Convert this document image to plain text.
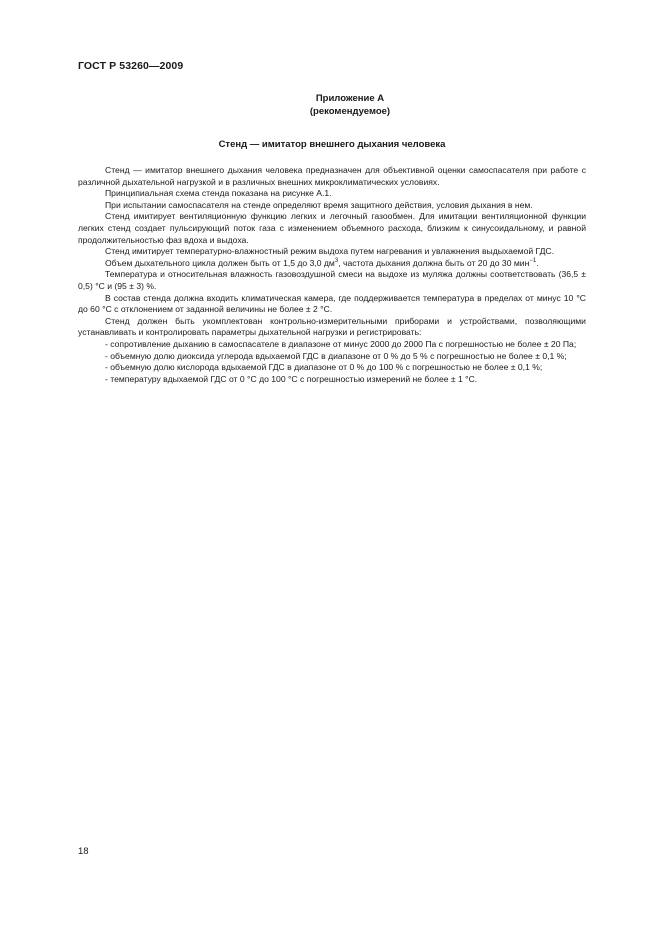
ГОСТ Р 53260—2009
Приложение А
(рекомендуемое)
Стенд — имитатор внешнего дыхания человека

Стенд — имитатор внешнего дыхания человека предназначен для объективной оценки самоспасателя при работе с различной дыхательной нагрузкой и в различных внешних микроклиматических условиях.

Принципиальная схема стенда показана на рисунке А.1.

При испытании самоспасателя на стенде определяют время защитного действия, условия дыхания в нем.

Стенд имитирует вентиляционную функцию легких и легочный газообмен. Для имитации вентиляционной функции легких стенд создает пульсирующий поток газа с изменением объемного расхода, близким к синусоидальному, и равной продолжительностью фаз вдоха и выдоха.

Стенд имитирует температурно-влажностный режим выдоха путем нагревания и увлажнения выдыхаемой ГДС.

Объем дыхательного цикла должен быть от 1,5 до 3,0 $дм^3$, частота дыхания должна быть от 20 до 30 мин$^{-1}$.

Температура и относительная влажность газовоздушной смеси на выдохе из муляжа должны соответствовать (36,5 ± 0,5) °С и (95 ± 3) %.

В состав стенда должна входить климатическая камера, где поддерживается температура в пределах от минус 10 °С до 60 °С с отклонением от заданной величины не более ± 2 °С.

Стенд должен быть укомплектован контрольно-измерительными приборами и устройствами, позволяющими устанавливать и контролировать параметры дыхательной нагрузки и регистрировать:

- сопротивление дыханию в самоспасателе в диапазоне от минус 2000 до 2000 Па с погрешностью не более ± 20 Па;

- объемную долю диоксида углерода вдыхаемой ГДС в диапазоне от 0 % до 5 % с погрешностью не более ± 0,1 %;

- объемную долю кислорода вдыхаемой ГДС в диапазоне от 0 % до 100 % с погрешностью не более ± 0,1 %;

- температуру вдыхаемой ГДС от 0 °С до 100 °С с погрешностью измерений не более ± 1 °С.

18
